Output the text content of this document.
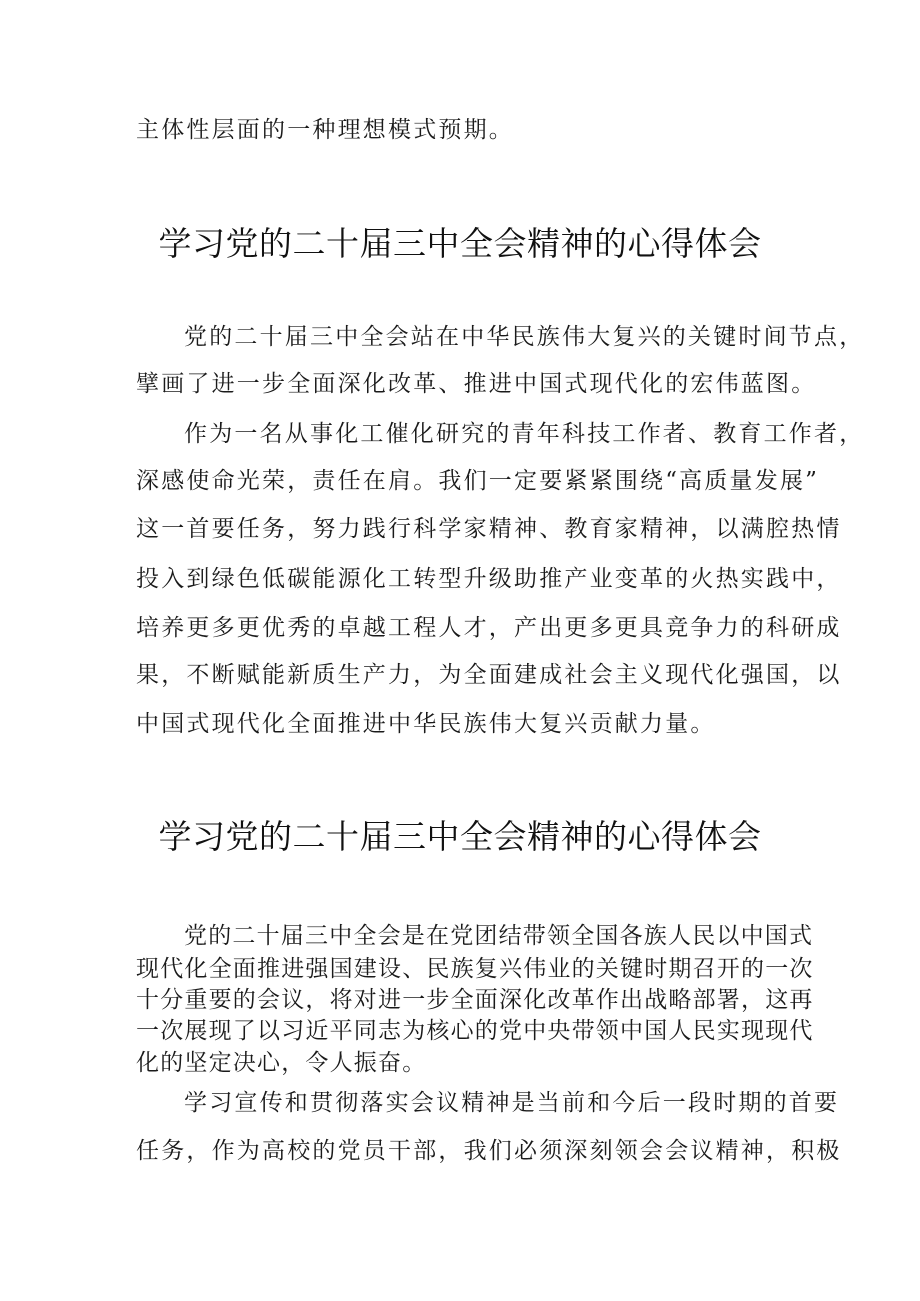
主体性层面的一种理想模式预期。
学习党的二十届三中全会精神的心得体会
党的二十届三中全会站在中华民族伟大复兴的关键时间节点，
擘画了进一步全面深化改革、推进中国式现代化的宏伟蓝图。
作为一名从事化工催化研究的青年科技工作者、教育工作者，
深感使命光荣，责任在肩。我们一定要紧紧围绕“高质量发展”
这一首要任务，努力践行科学家精神、教育家精神，以满腔热情
投入到绿色低碳能源化工转型升级助推产业变革的火热实践中，
培养更多更优秀的卓越工程人才，产出更多更具竞争力的科研成
果，不断赋能新质生产力，为全面建成社会主义现代化强国，以
中国式现代化全面推进中华民族伟大复兴贡献力量。
学习党的二十届三中全会精神的心得体会
党的二十届三中全会是在党团结带领全国各族人民以中国式
现代化全面推进强国建设、民族复兴伟业的关键时期召开的一次
十分重要的会议，将对进一步全面深化改革作出战略部署，这再
一次展现了以习近平同志为核心的党中央带领中国人民实现现代
化的坚定决心，令人振奋。
学习宣传和贯彻落实会议精神是当前和今后一段时期的首要
任务，作为高校的党员干部，我们必须深刻领会会议精神，积极
